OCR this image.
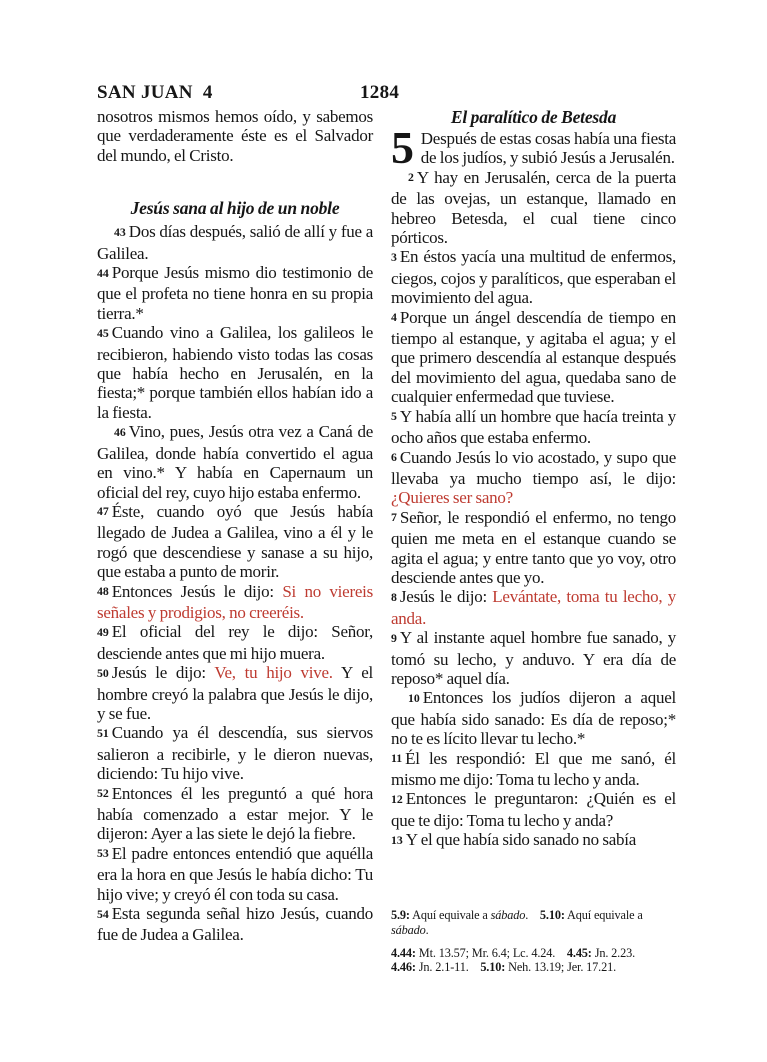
SAN JUAN  4	1284

nosotros mismos hemos oído, y sabemos que verdaderamente éste es el Salvador del mundo, el Cristo.

Jesús sana al hijo de un noble

43 Dos días después, salió de allí y fue a Galilea.

44 Porque Jesús mismo dio testimonio de que el profeta no tiene honra en su propia tierra.*

45 Cuando vino a Galilea, los galileos le recibieron, habiendo visto todas las cosas que había hecho en Jerusalén, en la fiesta;* porque también ellos habían ido a la fiesta.

46 Vino, pues, Jesús otra vez a Caná de Galilea, donde había convertido el agua en vino.* Y había en Capernaum un oficial del rey, cuyo hijo estaba enfermo.

47 Éste, cuando oyó que Jesús había llegado de Judea a Galilea, vino a él y le rogó que descendiese y sanase a su hijo, que estaba a punto de morir.

48 Entonces Jesús le dijo: Si no viereis señales y prodigios, no creeréis.

49 El oficial del rey le dijo: Señor, desciende antes que mi hijo muera.

50 Jesús le dijo: Ve, tu hijo vive. Y el hombre creyó la palabra que Jesús le dijo, y se fue.

51 Cuando ya él descendía, sus siervos salieron a recibirle, y le dieron nuevas, diciendo: Tu hijo vive.

52 Entonces él les preguntó a qué hora había comenzado a estar mejor. Y le dijeron: Ayer a las siete le dejó la fiebre.

53 El padre entonces entendió que aquélla era la hora en que Jesús le había dicho: Tu hijo vive; y creyó él con toda su casa.

54 Esta segunda señal hizo Jesús, cuando fue de Judea a Galilea.

El paralítico de Betesda

5 Después de estas cosas había una fiesta de los judíos, y subió Jesús a Jerusalén.

2 Y hay en Jerusalén, cerca de la puerta de las ovejas, un estanque, llamado en hebreo Betesda, el cual tiene cinco pórticos.

3 En éstos yacía una multitud de enfermos, ciegos, cojos y paralíticos, que esperaban el movimiento del agua.

4 Porque un ángel descendía de tiempo en tiempo al estanque, y agitaba el agua; y el que primero descendía al estanque después del movimiento del agua, quedaba sano de cualquier enfermedad que tuviese.

5 Y había allí un hombre que hacía treinta y ocho años que estaba enfermo.

6 Cuando Jesús lo vio acostado, y supo que llevaba ya mucho tiempo así, le dijo: ¿Quieres ser sano?

7 Señor, le respondió el enfermo, no tengo quien me meta en el estanque cuando se agita el agua; y entre tanto que yo voy, otro desciende antes que yo.

8 Jesús le dijo: Levántate, toma tu lecho, y anda.

9 Y al instante aquel hombre fue sanado, y tomó su lecho, y anduvo. Y era día de reposo* aquel día.

10 Entonces los judíos dijeron a aquel que había sido sanado: Es día de reposo;* no te es lícito llevar tu lecho.*

11 Él les respondió: El que me sanó, él mismo me dijo: Toma tu lecho y anda.

12 Entonces le preguntaron: ¿Quién es el que te dijo: Toma tu lecho y anda?

13 Y el que había sido sanado no sabía

5.9: Aquí equivale a sábado.    5.10: Aquí equivale a sábado.

4.44: Mt. 13.57; Mr. 6.4; Lc. 4.24.    4.45: Jn. 2.23.

4.46: Jn. 2.1-11.    5.10: Neh. 13.19; Jer. 17.21.
